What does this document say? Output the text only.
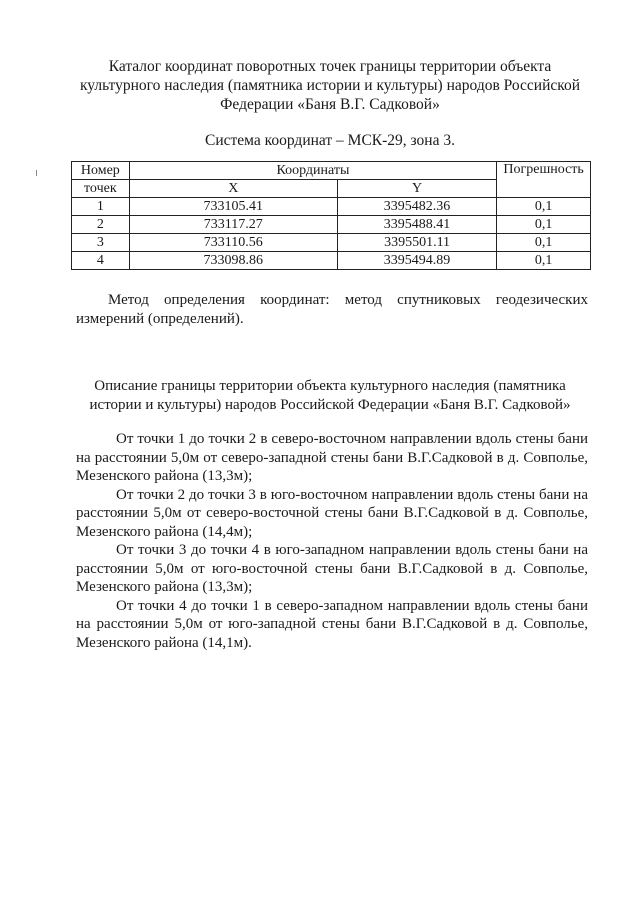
Каталог координат поворотных точек границы территории объекта культурного наследия (памятника истории и культуры) народов Российской Федерации «Баня В.Г. Садковой»
Система координат – МСК-29, зона 3.
Номер	Координаты		Погрешность
точек	X	Y	
1	733105.41	3395482.36	0,1
2	733117.27	3395488.41	0,1
3	733110.56	3395501.11	0,1
4	733098.86	3395494.89	0,1
Метод определения координат: метод спутниковых геодезических измерений (определений).
Описание границы территории объекта культурного наследия (памятника истории и культуры) народов Российской Федерации «Баня В.Г. Садковой»

От точки 1 до точки 2 в северо-восточном направлении вдоль стены бани на расстоянии 5,0м от северо-западной стены бани В.Г.Садковой в д. Совполье, Мезенского района (13,3м);

От точки 2 до точки 3 в юго-восточном направлении вдоль стены бани на расстоянии 5,0м от северо-восточной стены бани В.Г.Садковой в д. Совполье, Мезенского района (14,4м);

От точки 3 до точки 4 в юго-западном направлении вдоль стены бани на расстоянии 5,0м от юго-восточной стены бани В.Г.Садковой в д. Совполье, Мезенского района (13,3м);

От точки 4 до точки 1 в северо-западном направлении вдоль стены бани на расстоянии 5,0м от юго-западной стены бани В.Г.Садковой в д. Совполье, Мезенского района (14,1м).
